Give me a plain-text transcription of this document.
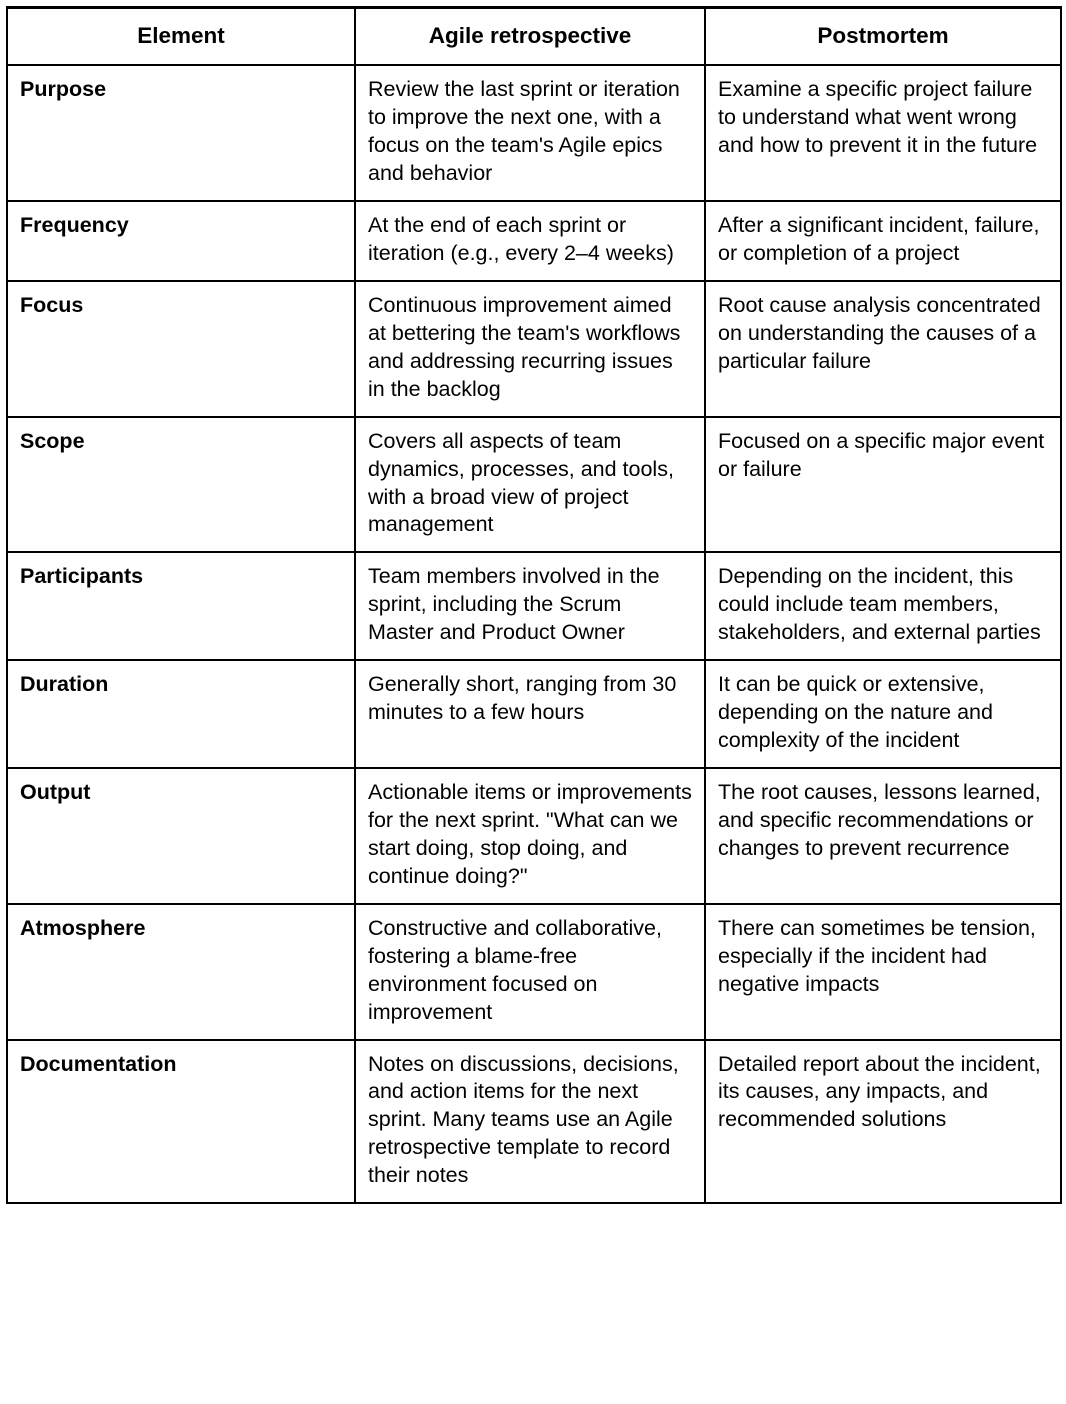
Element	Agile retrospective	Postmortem
Purpose	Review the last sprint or iteration to improve the next one, with a focus on the team's Agile epics and behavior	Examine a specific project failure to understand what went wrong and how to prevent it in the future
Frequency	At the end of each sprint or iteration (e.g., every 2–4 weeks)	After a significant incident, failure, or completion of a project
Focus	Continuous improvement aimed at bettering the team's workflows and addressing recurring issues in the backlog	Root cause analysis concentrated on understanding the causes of a particular failure
Scope	Covers all aspects of team dynamics, processes, and tools, with a broad view of project management	Focused on a specific major event or failure
Participants	Team members involved in the sprint, including the Scrum Master and Product Owner	Depending on the incident, this could include team members, stakeholders, and external parties
Duration	Generally short, ranging from 30 minutes to a few hours	It can be quick or extensive, depending on the nature and complexity of the incident
Output	Actionable items or improvements for the next sprint. "What can we start doing, stop doing, and continue doing?"	The root causes, lessons learned, and specific recommendations or changes to prevent recurrence
Atmosphere	Constructive and collaborative, fostering a blame-free environment focused on improvement	There can sometimes be tension, especially if the incident had negative impacts
Documentation	Notes on discussions, decisions, and action items for the next sprint. Many teams use an Agile retrospective template to record their notes	Detailed report about the incident, its causes, any impacts, and recommended solutions
